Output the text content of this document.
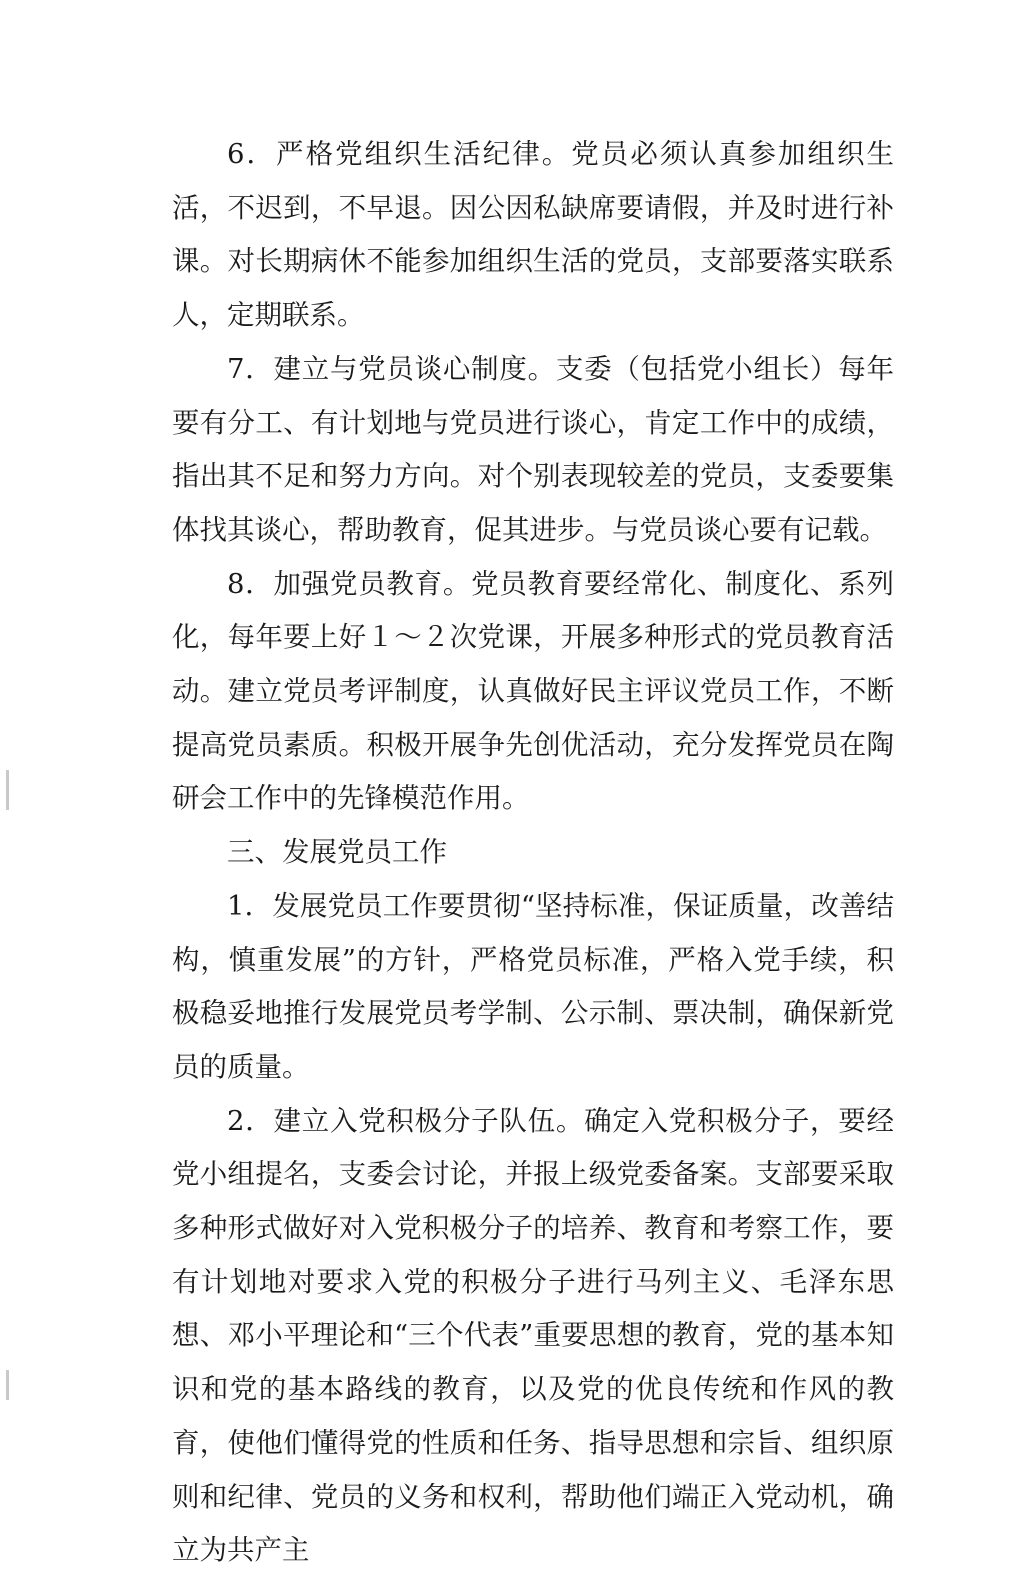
6．严格党组织生活纪律。党员必须认真参加组织生活，不迟到，不早退。因公因私缺席要请假，并及时进行补课。对长期病休不能参加组织生活的党员，支部要落实联系人，定期联系。

7．建立与党员谈心制度。支委（包括党小组长）每年要有分工、有计划地与党员进行谈心，肯定工作中的成绩，指出其不足和努力方向。对个别表现较差的党员，支委要集体找其谈心，帮助教育，促其进步。与党员谈心要有记载。

8．加强党员教育。党员教育要经常化、制度化、系列化，每年要上好１～２次党课，开展多种形式的党员教育活动。建立党员考评制度，认真做好民主评议党员工作，不断提高党员素质。积极开展争先创优活动，充分发挥党员在陶研会工作中的先锋模范作用。

三、发展党员工作

1．发展党员工作要贯彻“坚持标准，保证质量，改善结构，慎重发展”的方针，严格党员标准，严格入党手续，积极稳妥地推行发展党员考学制、公示制、票决制，确保新党员的质量。

2．建立入党积极分子队伍。确定入党积极分子，要经党小组提名，支委会讨论，并报上级党委备案。支部要采取多种形式做好对入党积极分子的培养、教育和考察工作，要有计划地对要求入党的积极分子进行马列主义、毛泽东思想、邓小平理论和“三个代表”重要思想的教育，党的基本知识和党的基本路线的教育，以及党的优良传统和作风的教育，使他们懂得党的性质和任务、指导思想和宗旨、组织原则和纪律、党员的义务和权利，帮助他们端正入党动机，确立为共产主
